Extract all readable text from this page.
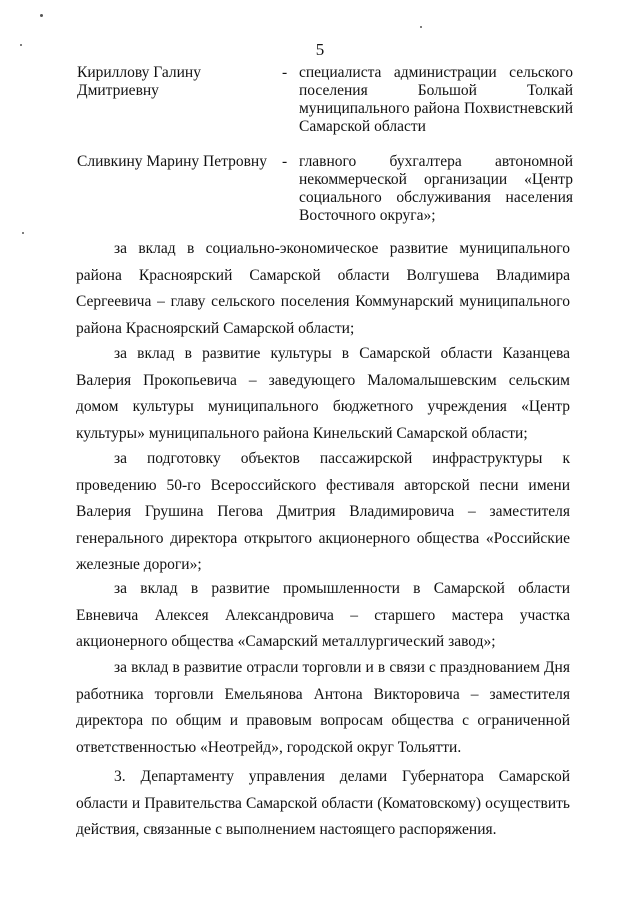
5
Кириллову Галину Дмитриевну
- специалиста администрации сельского поселения Большой Толкай муниципального района Похвистневский Самарской области
Сливкину Марину Петровну - главного бухгалтера автономной некоммерческой организации «Центр социального обслуживания населения Восточного округа»;

за вклад в социально-экономическое развитие муниципального района Красноярский Самарской области Волгушева Владимира Сергеевича – главу сельского поселения Коммунарский муниципального района Красноярский Самарской области;

за вклад в развитие культуры в Самарской области Казанцева Валерия Прокопьевича – заведующего Маломалышевским сельским домом культуры муниципального бюджетного учреждения «Центр культуры» муниципального района Кинельский Самарской области;

за подготовку объектов пассажирской инфраструктуры к проведению 50-го Всероссийского фестиваля авторской песни имени Валерия Грушина Пегова Дмитрия Владимировича – заместителя генерального директора открытого акционерного общества «Российские железные дороги»;

за вклад в развитие промышленности в Самарской области Евневича Алексея Александровича – старшего мастера участка акционерного общества «Самарский металлургический завод»;

за вклад в развитие отрасли торговли и в связи с празднованием Дня работника торговли Емельянова Антона Викторовича – заместителя директора по общим и правовым вопросам общества с ограниченной ответственностью «Неотрейд», городской округ Тольятти.

3. Департаменту управления делами Губернатора Самарской области и Правительства Самарской области (Коматовскому) осуществить действия, связанные с выполнением настоящего распоряжения.
